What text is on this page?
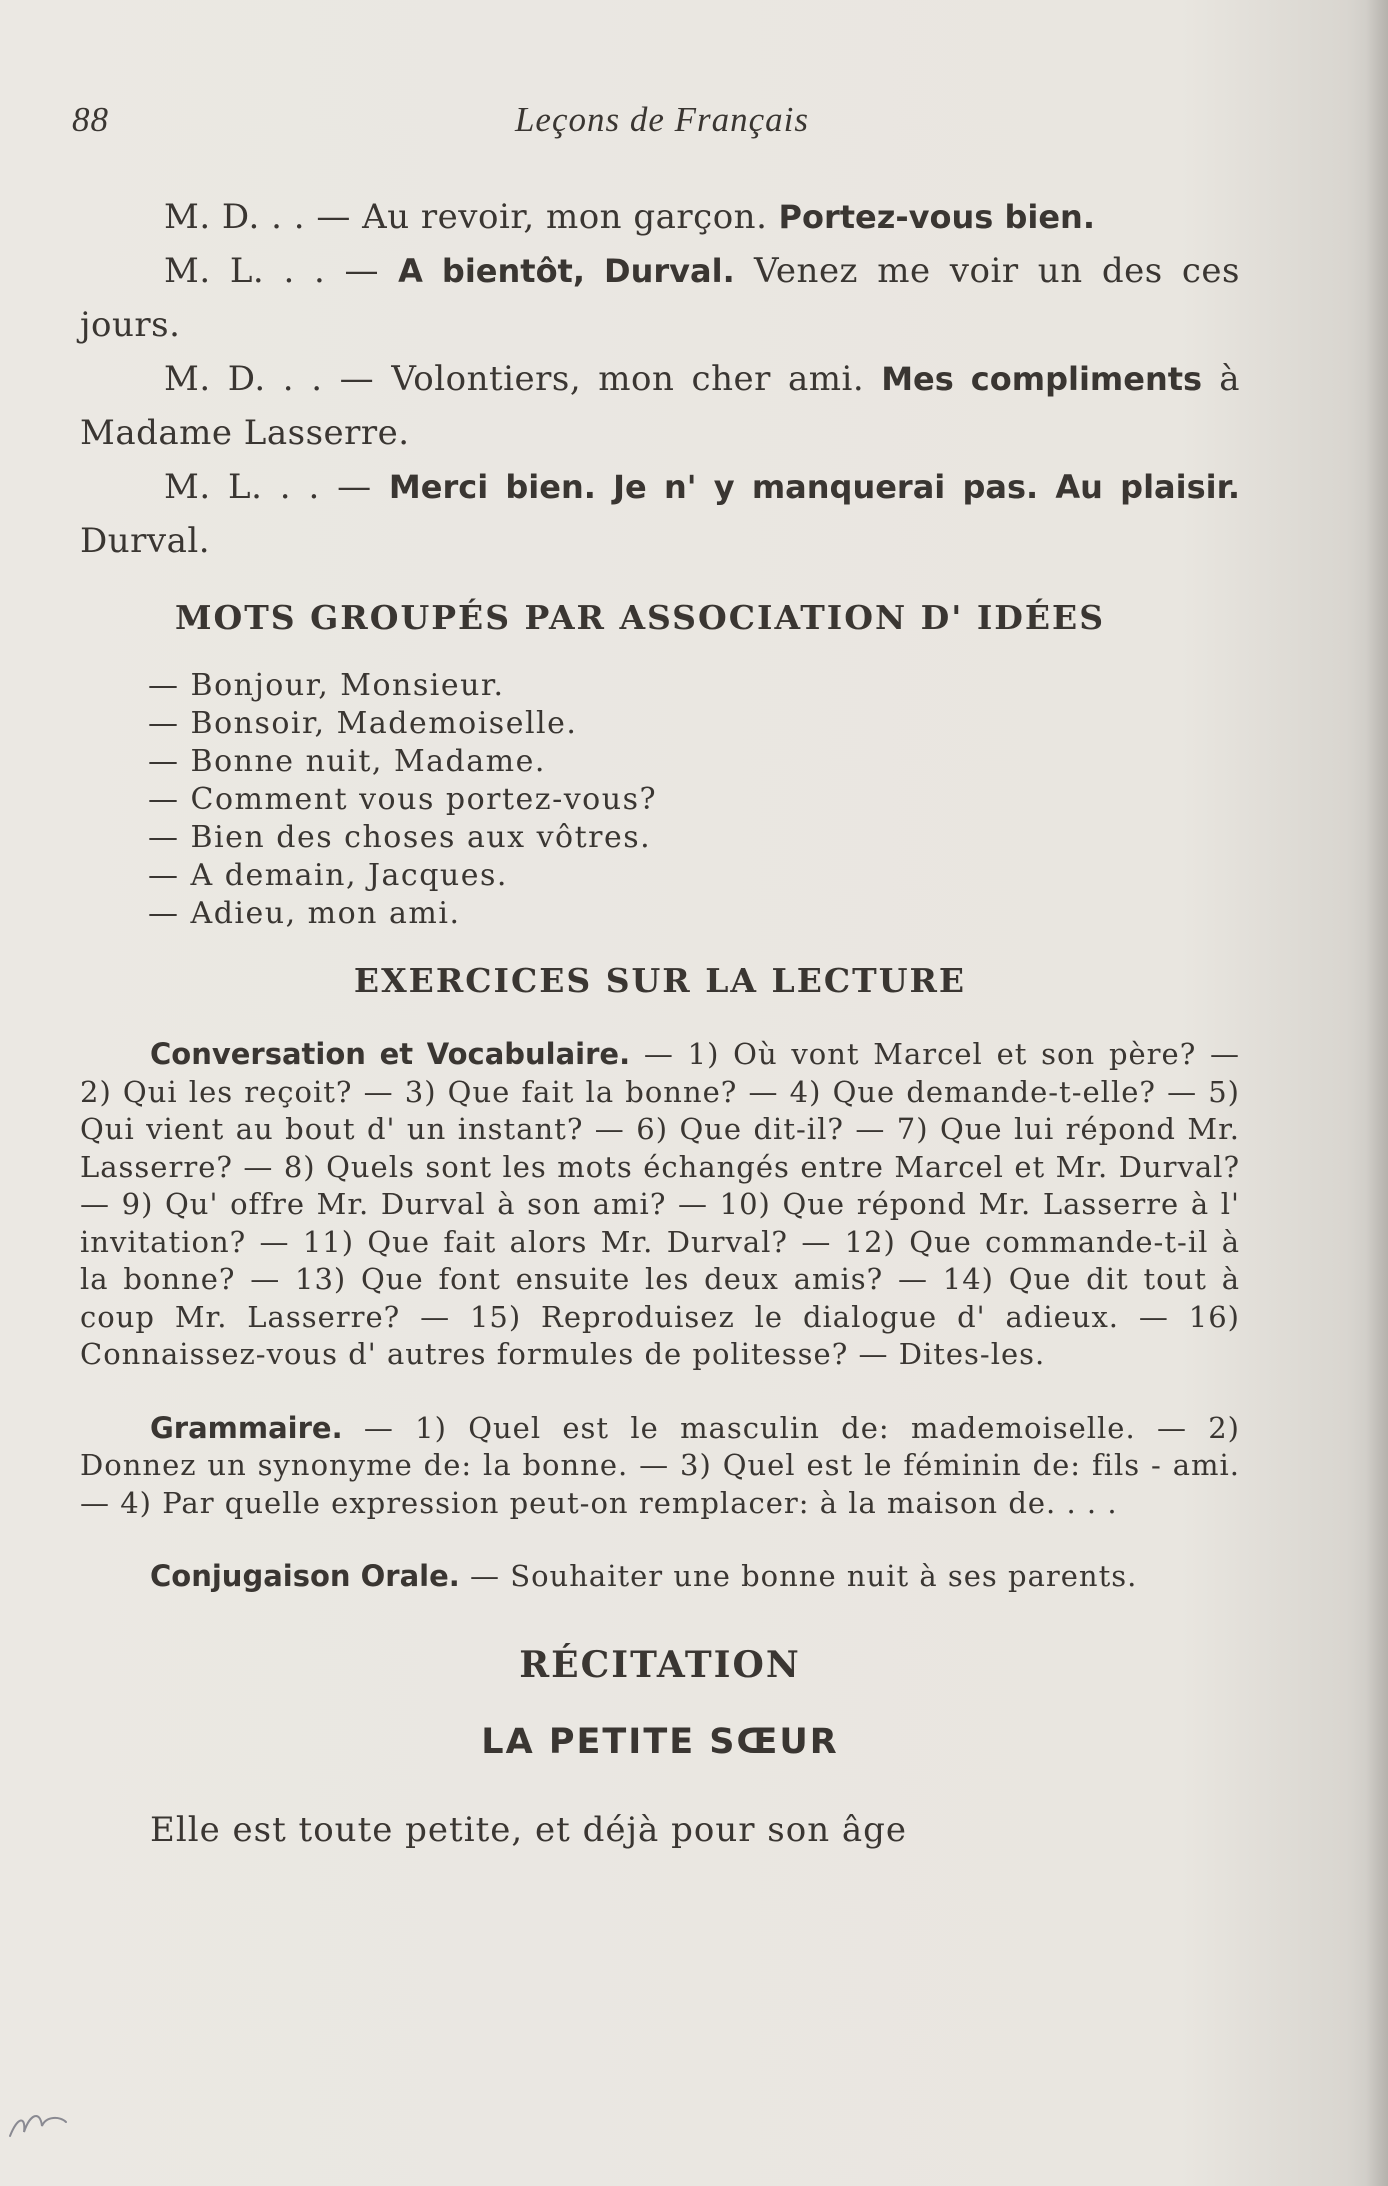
88	Leçons de Français

M. D. . . — Au revoir, mon garçon. Portez-vous bien.

M. L. . . — A bientôt, Durval. Venez me voir un des ces jours.

M. D. . . — Volontiers, mon cher ami. Mes compliments à Madame Lasserre.

M. L. . . — Merci bien. Je n' y manquerai pas. Au plaisir. Durval.

MOTS GROUPÉS PAR ASSOCIATION D' IDÉES
— Bonjour, Monsieur.
— Bonsoir, Mademoiselle.
— Bonne nuit, Madame.
— Comment vous portez-vous?
— Bien des choses aux vôtres.
— A demain, Jacques.
— Adieu, mon ami.
EXERCICES SUR LA LECTURE

Conversation et Vocabulaire. — 1) Où vont Marcel et son père? — 2) Qui les reçoit? — 3) Que fait la bonne? — 4) Que demande-t-elle? — 5) Qui vient au bout d' un instant? — 6) Que dit-il? — 7) Que lui répond Mr. Lasserre? — 8) Quels sont les mots échangés entre Marcel et Mr. Durval? — 9) Qu' offre Mr. Durval à son ami? — 10) Que répond Mr. Lasserre à l' invitation? — 11) Que fait alors Mr. Durval? — 12) Que commande-t-il à la bonne? — 13) Que font ensuite les deux amis? — 14) Que dit tout à coup Mr. Lasserre? — 15) Reproduisez le dialogue d' adieux. — 16) Connaissez-vous d' autres formules de politesse? — Dites-les.

Grammaire. — 1) Quel est le masculin de: mademoiselle. — 2) Donnez un synonyme de: la bonne. — 3) Quel est le féminin de: fils - ami. — 4) Par quelle expression peut-on remplacer: à la maison de. . . .

Conjugaison Orale. — Souhaiter une bonne nuit à ses parents.

RÉCITATION
LA PETITE SŒUR

Elle est toute petite, et déjà pour son âge
